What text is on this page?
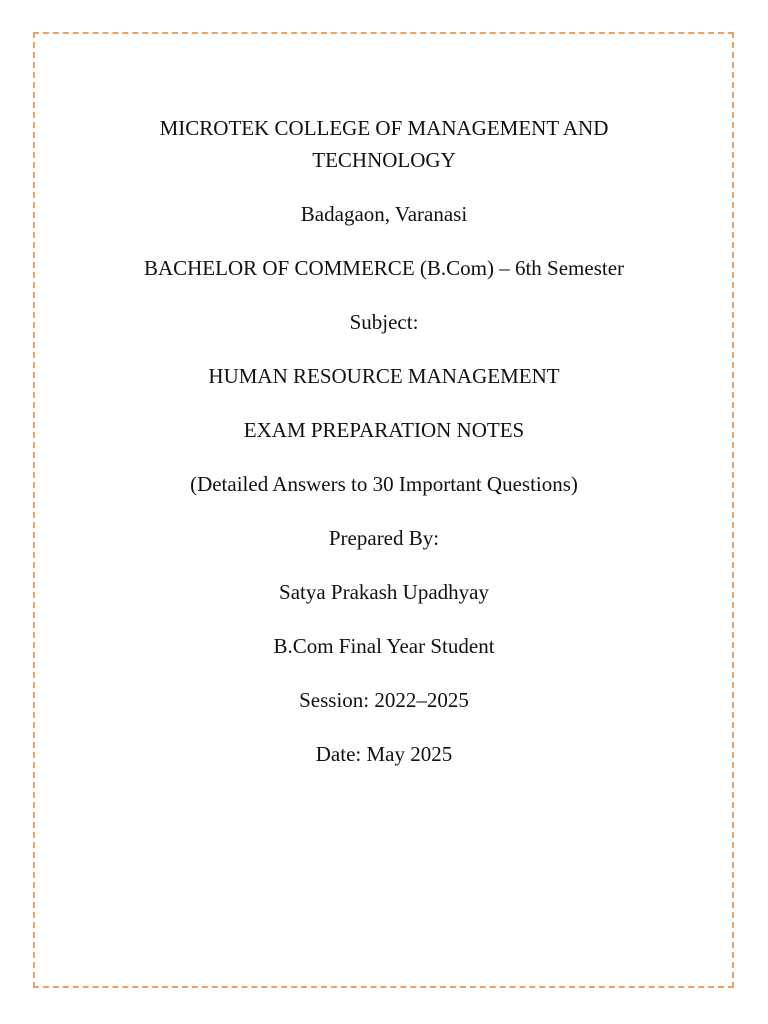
MICROTEK COLLEGE OF MANAGEMENT AND
TECHNOLOGY
Badagaon, Varanasi
BACHELOR OF COMMERCE (B.Com) – 6th Semester
Subject:
HUMAN RESOURCE MANAGEMENT
EXAM PREPARATION NOTES
(Detailed Answers to 30 Important Questions)
Prepared By:
Satya Prakash Upadhyay
B.Com Final Year Student
Session: 2022–2025
Date: May 2025
